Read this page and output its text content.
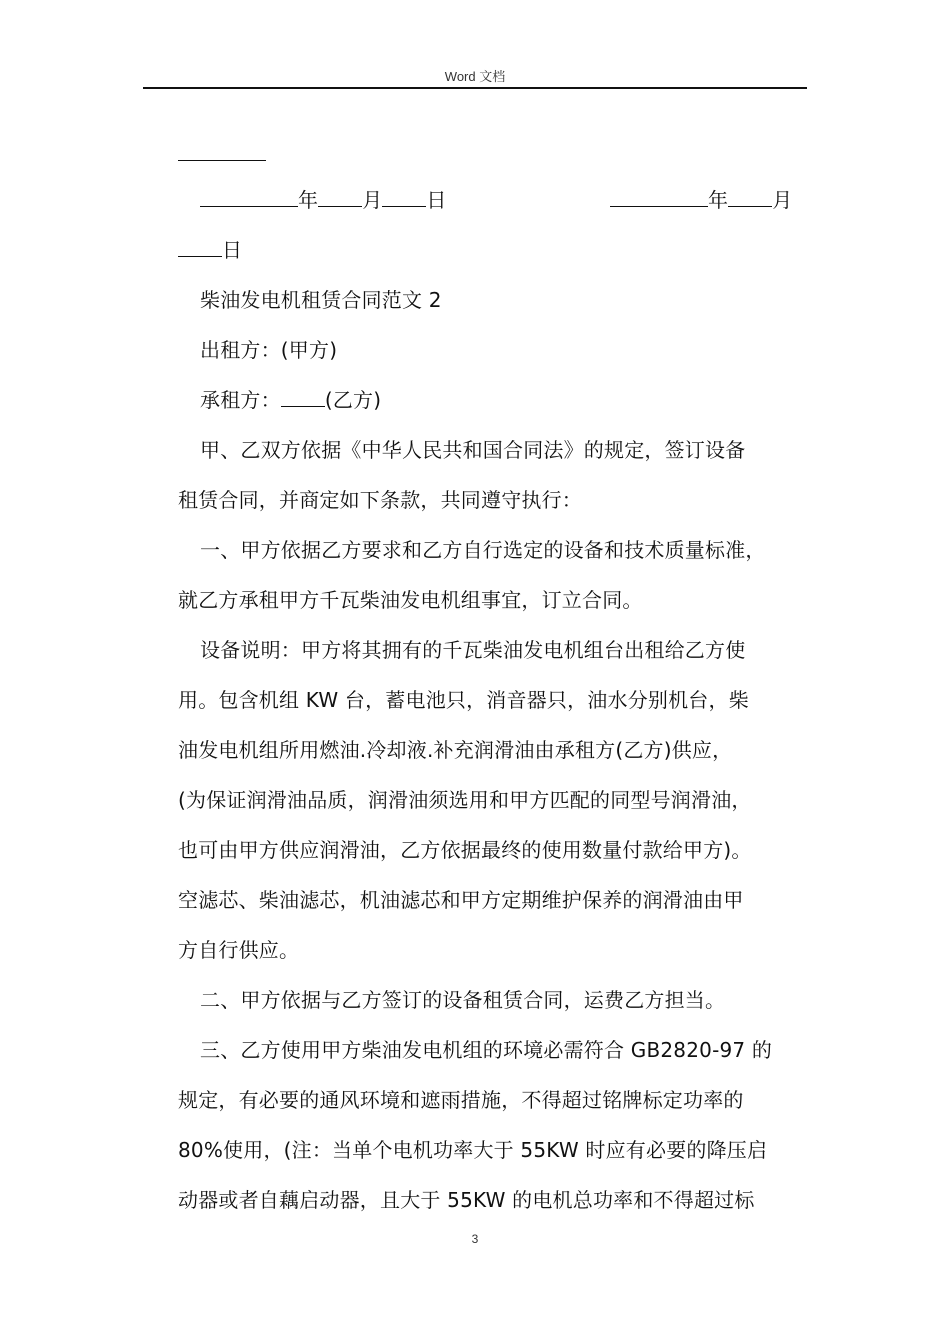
Word 文档
年 月 日	年 月
日
柴油发电机租赁合同范文 2
出租方：(甲方)
承租方： (乙方)
甲、乙双方依据《中华人民共和国合同法》的规定，签订设备
租赁合同，并商定如下条款，共同遵守执行：
一、甲方依据乙方要求和乙方自行选定的设备和技术质量标准，
就乙方承租甲方千瓦柴油发电机组事宜，订立合同。
设备说明：甲方将其拥有的千瓦柴油发电机组台出租给乙方使
用。包含机组 KW 台，蓄电池只，消音器只，油水分别机台，柴
油发电机组所用燃油.冷却液.补充润滑油由承租方(乙方)供应，
(为保证润滑油品质，润滑油须选用和甲方匹配的同型号润滑油，
也可由甲方供应润滑油，乙方依据最终的使用数量付款给甲方)。
空滤芯、柴油滤芯，机油滤芯和甲方定期维护保养的润滑油由甲
方自行供应。
二、甲方依据与乙方签订的设备租赁合同，运费乙方担当。
三、乙方使用甲方柴油发电机组的环境必需符合 GB2820-97 的
规定，有必要的通风环境和遮雨措施，不得超过铭牌标定功率的
80%使用，(注：当单个电机功率大于 55KW 时应有必要的降压启
动器或者自藕启动器，且大于 55KW 的电机总功率和不得超过标
3
